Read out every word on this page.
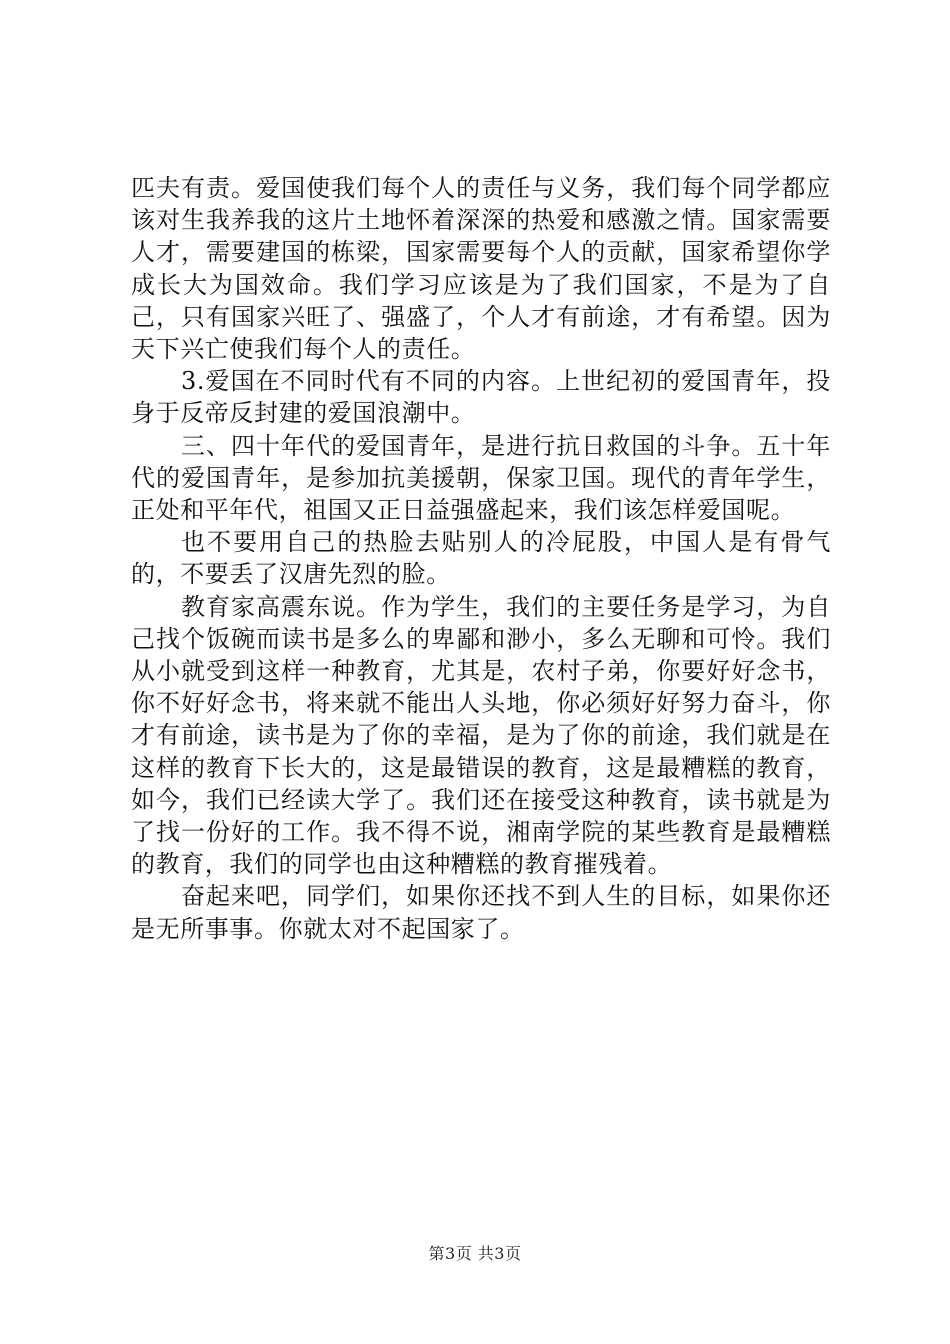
匹夫有责。爱国使我们每个人的责任与义务，我们每个同学都应该对生我养我的这片土地怀着深深的热爱和感激之情。国家需要人才，需要建国的栋梁，国家需要每个人的贡献，国家希望你学成长大为国效命。我们学习应该是为了我们国家，不是为了自己，只有国家兴旺了、强盛了，个人才有前途，才有希望。因为天下兴亡使我们每个人的责任。

3.爱国在不同时代有不同的内容。上世纪初的爱国青年，投身于反帝反封建的爱国浪潮中。

三、四十年代的爱国青年，是进行抗日救国的斗争。五十年代的爱国青年，是参加抗美援朝，保家卫国。现代的青年学生，正处和平年代，祖国又正日益强盛起来，我们该怎样爱国呢。

也不要用自己的热脸去贴别人的冷屁股，中国人是有骨气的，不要丢了汉唐先烈的脸。

教育家高震东说。作为学生，我们的主要任务是学习，为自己找个饭碗而读书是多么的卑鄙和渺小，多么无聊和可怜。我们从小就受到这样一种教育，尤其是，农村子弟，你要好好念书，你不好好念书，将来就不能出人头地，你必须好好努力奋斗，你才有前途，读书是为了你的幸福，是为了你的前途，我们就是在这样的教育下长大的，这是最错误的教育，这是最糟糕的教育，如今，我们已经读大学了。我们还在接受这种教育，读书就是为了找一份好的工作。我不得不说，湘南学院的某些教育是最糟糕的教育，我们的同学也由这种糟糕的教育摧残着。

奋起来吧，同学们，如果你还找不到人生的目标，如果你还是无所事事。你就太对不起国家了。

第3页 共3页
